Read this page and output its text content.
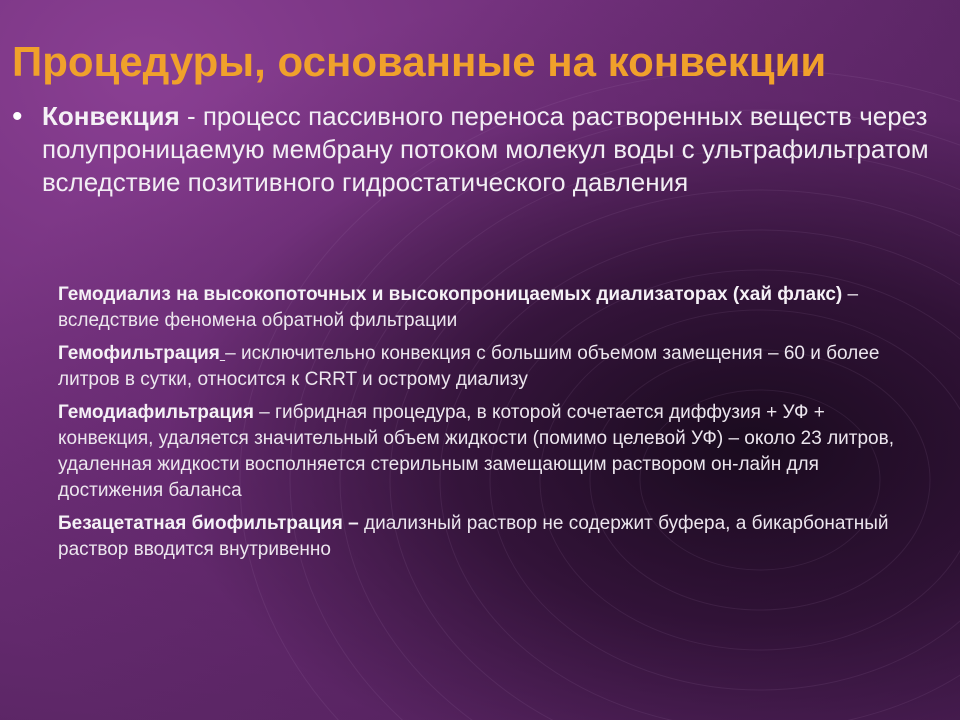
Процедуры, основанные на конвекции
• Конвекция - процесс пассивного переноса растворенных веществ через полупроницаемую мембрану потоком молекул воды с ультрафильтратом вследствие позитивного гидростатического давления

Гемодиализ на высокопоточных и высокопроницаемых диализаторах (хай флакс) –вследствие феномена обратной фильтрации
Гемофильтрация – исключительно конвекция с большим объемом замещения – 60 и более литров в сутки, относится к CRRT и острому диализу
Гемодиафильтрация – гибридная процедура, в которой сочетается диффузия + УФ + конвекция, удаляется значительный объем жидкости (помимо целевой УФ) – около 23 литров, удаленная жидкости восполняется стерильным замещающим раствором он-лайн для достижения баланса
Безацетатная биофильтрация – диализный раствор не содержит буфера, а бикарбонатный раствор вводится внутривенно
